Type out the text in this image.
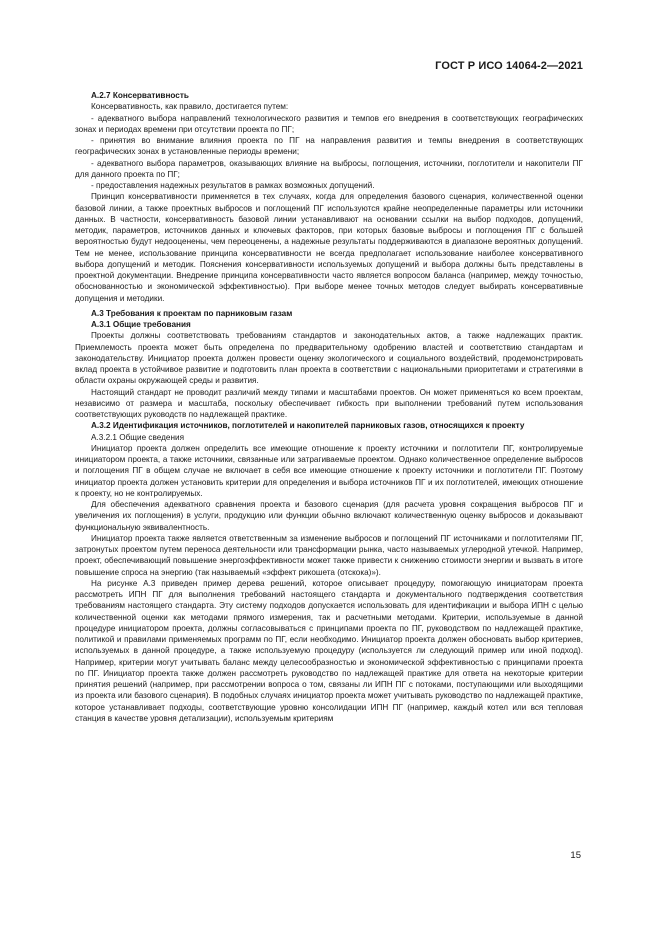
ГОСТ Р ИСО 14064-2—2021

А.2.7 Консервативность

Консервативность, как правило, достигается путем:

- адекватного выбора направлений технологического развития и темпов его внедрения в соответствующих географических зонах и периодах времени при отсутствии проекта по ПГ;

- принятия во внимание влияния проекта по ПГ на направления развития и темпы внедрения в соответствующих географических зонах в установленные периоды времени;

- адекватного выбора параметров, оказывающих влияние на выбросы, поглощения, источники, поглотители и накопители ПГ для данного проекта по ПГ;

- предоставления надежных результатов в рамках возможных допущений.

Принцип консервативности применяется в тех случаях, когда для определения базового сценария, количественной оценки базовой линии, а также проектных выбросов и поглощений ПГ используются крайне неопределенные параметры или источники данных. В частности, консервативность базовой линии устанавливают на основании ссылки на выбор подходов, допущений, методик, параметров, источников данных и ключевых факторов, при которых базовые выбросы и поглощения ПГ с большей вероятностью будут недооценены, чем переоценены, а надежные результаты поддерживаются в диапазоне вероятных допущений. Тем не менее, использование принципа консервативности не всегда предполагает использование наиболее консервативного выбора допущений и методик. Пояснения консервативности используемых допущений и выбора должны быть представлены в проектной документации. Внедрение принципа консервативности часто является вопросом баланса (например, между точностью, обоснованностью и экономической эффективностью). При выборе менее точных методов следует выбирать консервативные допущения и методики.

А.3 Требования к проектам по парниковым газам

А.3.1 Общие требования

Проекты должны соответствовать требованиям стандартов и законодательных актов, а также надлежащих практик. Приемлемость проекта может быть определена по предварительному одобрению властей и соответствию стандартам и законодательству. Инициатор проекта должен провести оценку экологического и социального воздействий, продемонстрировать вклад проекта в устойчивое развитие и подготовить план проекта в соответствии с национальными приоритетами и стратегиями в области охраны окружающей среды и развития.

Настоящий стандарт не проводит различий между типами и масштабами проектов. Он может применяться ко всем проектам, независимо от размера и масштаба, поскольку обеспечивает гибкость при выполнении требований путем использования соответствующих руководств по надлежащей практике.

А.3.2 Идентификация источников, поглотителей и накопителей парниковых газов, относящихся к проекту

А.3.2.1 Общие сведения

Инициатор проекта должен определить все имеющие отношение к проекту источники и поглотители ПГ, контролируемые инициатором проекта, а также источники, связанные или затрагиваемые проектом. Однако количественное определение выбросов и поглощения ПГ в общем случае не включает в себя все имеющие отношение к проекту источники и поглотители ПГ. Поэтому инициатор проекта должен установить критерии для определения и выбора источников ПГ и их поглотителей, имеющих отношение к проекту, но не контролируемых.

Для обеспечения адекватного сравнения проекта и базового сценария (для расчета уровня сокращения выбросов ПГ и увеличения их поглощения) в услуги, продукцию или функции обычно включают количественную оценку выбросов и доказывают функциональную эквивалентность.

Инициатор проекта также является ответственным за изменение выбросов и поглощений ПГ источниками и поглотителями ПГ, затронутых проектом путем переноса деятельности или трансформации рынка, часто называемых углеродной утечкой. Например, проект, обеспечивающий повышение энергоэффективности может также привести к снижению стоимости энергии и вызвать в итоге повышение спроса на энергию (так называемый «эффект рикошета (отскока)»).

На рисунке А.3 приведен пример дерева решений, которое описывает процедуру, помогающую инициаторам проекта рассмотреть ИПН ПГ для выполнения требований настоящего стандарта и документального подтверждения соответствия требованиям настоящего стандарта. Эту систему подходов допускается использовать для идентификации и выбора ИПН с целью количественной оценки как методами прямого измерения, так и расчетными методами. Критерии, используемые в данной процедуре инициатором проекта, должны согласовываться с принципами проекта по ПГ, руководством по надлежащей практике, политикой и правилами применяемых программ по ПГ, если необходимо. Инициатор проекта должен обосновать выбор критериев, используемых в данной процедуре, а также используемую процедуру (используется ли следующий пример или иной подход). Например, критерии могут учитывать баланс между целесообразностью и экономической эффективностью с принципами проекта по ПГ. Инициатор проекта также должен рассмотреть руководство по надлежащей практике для ответа на некоторые критерии принятия решений (например, при рассмотрении вопроса о том, связаны ли ИПН ПГ с потоками, поступающими или выходящими из проекта или базового сценария). В подобных случаях инициатор проекта может учитывать руководство по надлежащей практике, которое устанавливает подходы, соответствующие уровню консолидации ИПН ПГ (например, каждый котел или вся тепловая станция в качестве уровня детализации), используемым критериям

15
